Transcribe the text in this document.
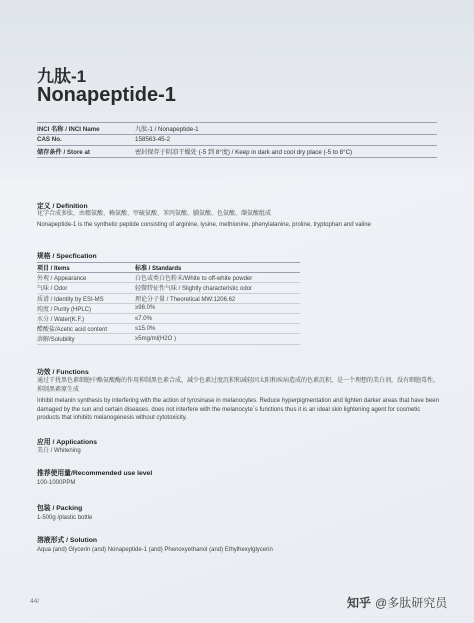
九肽-1
Nonapeptide-1
INCI 名称 / INCI Name	九肽-1 / Nonapeptide-1
CAS No.	158563-45-2
储存条件 / Store at	密封保存于阴凉干燥处 (-5 到 8°度) / Keep in dark and cool dry place (-5 to 8°C)
定义 / Definition
化学合成多肽，由精氨酸、赖氨酸、甲硫氨酸、苯丙氨酸、脯氨酸、色氨酸、缬氨酸组成
Nonapeptide-1 is the synthetic peptide consisting of arginine, lysine, methionine, phenylalanine, proline, tryptophan and valine
规格 / Specfication
项目 / Items	标准 / Standards
外观 / Appearance	白色或类白色粉末/White to off-white powder
气味 / Odor	轻微特征性气味 / Slightly characteristic odor
质谱 / Identity by ESI-MS	理论分子量 / Theoretical MW:1206.62
纯度 / Purity (HPLC)	≥98.0%
水分 / Water(K.F.)	≤7.0%
醋酸盐/Acetic acid content	≤15.0%
溶解/Solubility	≥5mg/ml(H2O )
功效 / Functions
通过干扰黑色素细胞中酪氨酸酶的作用抑制黑色素合成，减少色素过度沉积和减轻因太阳和疾病造成的色素沉积，是一个理想的美白剂，没有细胞毒性，抑制黑素原生成
Inhibit melanin synthesis by interfering with the action of tyrosinase in melanocytes. Reduce hyperpigmentation and lighten darker areas that have been damaged by the sun and certain diseases. does not interfere with the melanocyte`s functions thus it is an ideal skin lightening agent for cosmetic products that inhibits melanogenesis without cytotoxicity.
应用 / Applications
美白 / Whitening
推荐使用量/Recommended use level
100-1000PPM
包装 / Packing
1-500g /plastic bottle
溶液形式 / Solution
Aqua (and) Glycerin (and) Nonapeptide-1 (and) Phenoxyethanol (and) Ethylhexylglycerin
44/	知乎 @多肽研究员
